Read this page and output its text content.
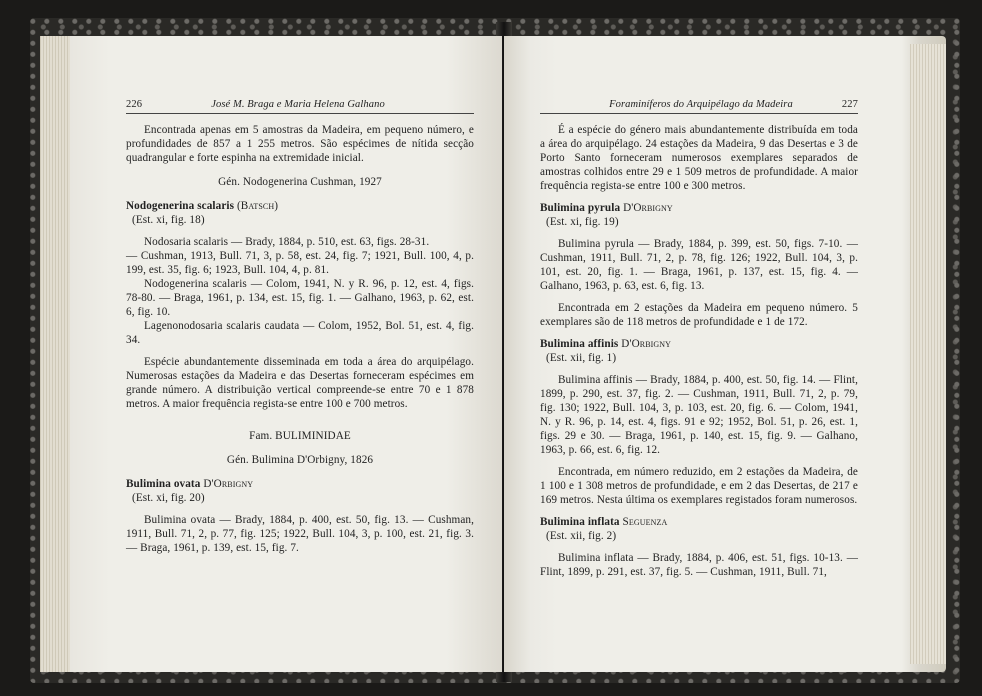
226	José M. Braga e Maria Helena Galhano

Encontrada apenas em 5 amostras da Madeira, em pequeno número, e profundidades de 857 a 1 255 metros. São espécimes de nítida secção quadrangular e forte espinha na extremidade inicial.

Gén. Nodogenerina Cushman, 1927
Nodogenerina scalaris (Batsch)

(Est. xi, fig. 18)

Nodosaria scalaris — Brady, 1884, p. 510, est. 63, figs. 28-31.
— Cushman, 1913, Bull. 71, 3, p. 58, est. 24, fig. 7; 1921, Bull. 100, 4, p. 199, est. 35, fig. 6; 1923, Bull. 104, 4, p. 81.
Nodogenerina scalaris — Colom, 1941, N. y R. 96, p. 12, est. 4, figs. 78-80. — Braga, 1961, p. 134, est. 15, fig. 1. — Galhano, 1963, p. 62, est. 6, fig. 10.
Lagenonodosaria scalaris caudata — Colom, 1952, Bol. 51, est. 4, fig. 34.

Espécie abundantemente disseminada em toda a área do arquipélago. Numerosas estações da Madeira e das Desertas forneceram espécimes em grande número. A distribuição vertical compreende-se entre 70 e 1 878 metros. A maior frequência regista-se entre 100 e 700 metros.

Fam. BULIMINIDAE
Gén. Bulimina D'Orbigny, 1826
Bulimina ovata D'Orbigny

(Est. xi, fig. 20)

Bulimina ovata — Brady, 1884, p. 400, est. 50, fig. 13. — Cushman, 1911, Bull. 71, 2, p. 77, fig. 125; 1922, Bull. 104, 3, p. 100, est. 21, fig. 3. — Braga, 1961, p. 139, est. 15, fig. 7.
Foraminíferos do Arquipélago da Madeira	227

É a espécie do género mais abundantemente distribuída em toda a área do arquipélago. 24 estações da Madeira, 9 das Desertas e 3 de Porto Santo forneceram numerosos exemplares separados de amostras colhidos entre 29 e 1 509 metros de profundidade. A maior frequência regista-se entre 100 e 300 metros.

Bulimina pyrula D'Orbigny

(Est. xi, fig. 19)

Bulimina pyrula — Brady, 1884, p. 399, est. 50, figs. 7-10. — Cushman, 1911, Bull. 71, 2, p. 78, fig. 126; 1922, Bull. 104, 3, p. 101, est. 20, fig. 1. — Braga, 1961, p. 137, est. 15, fig. 4. — Galhano, 1963, p. 63, est. 6, fig. 13.

Encontrada em 2 estações da Madeira em pequeno número. 5 exemplares são de 118 metros de profundidade e 1 de 172.

Bulimina affinis D'Orbigny

(Est. xii, fig. 1)

Bulimina affinis — Brady, 1884, p. 400, est. 50, fig. 14. — Flint, 1899, p. 290, est. 37, fig. 2. — Cushman, 1911, Bull. 71, 2, p. 79, fig. 130; 1922, Bull. 104, 3, p. 103, est. 20, fig. 6. — Colom, 1941, N. y R. 96, p. 14, est. 4, figs. 91 e 92; 1952, Bol. 51, p. 26, est. 1, figs. 29 e 30. — Braga, 1961, p. 140, est. 15, fig. 9. — Galhano, 1963, p. 66, est. 6, fig. 12.

Encontrada, em número reduzido, em 2 estações da Madeira, de 1 100 e 1 308 metros de profundidade, e em 2 das Desertas, de 217 e 169 metros. Nesta última os exemplares registados foram numerosos.

Bulimina inflata Seguenza

(Est. xii, fig. 2)

Bulimina inflata — Brady, 1884, p. 406, est. 51, figs. 10-13. — Flint, 1899, p. 291, est. 37, fig. 5. — Cushman, 1911, Bull. 71,
